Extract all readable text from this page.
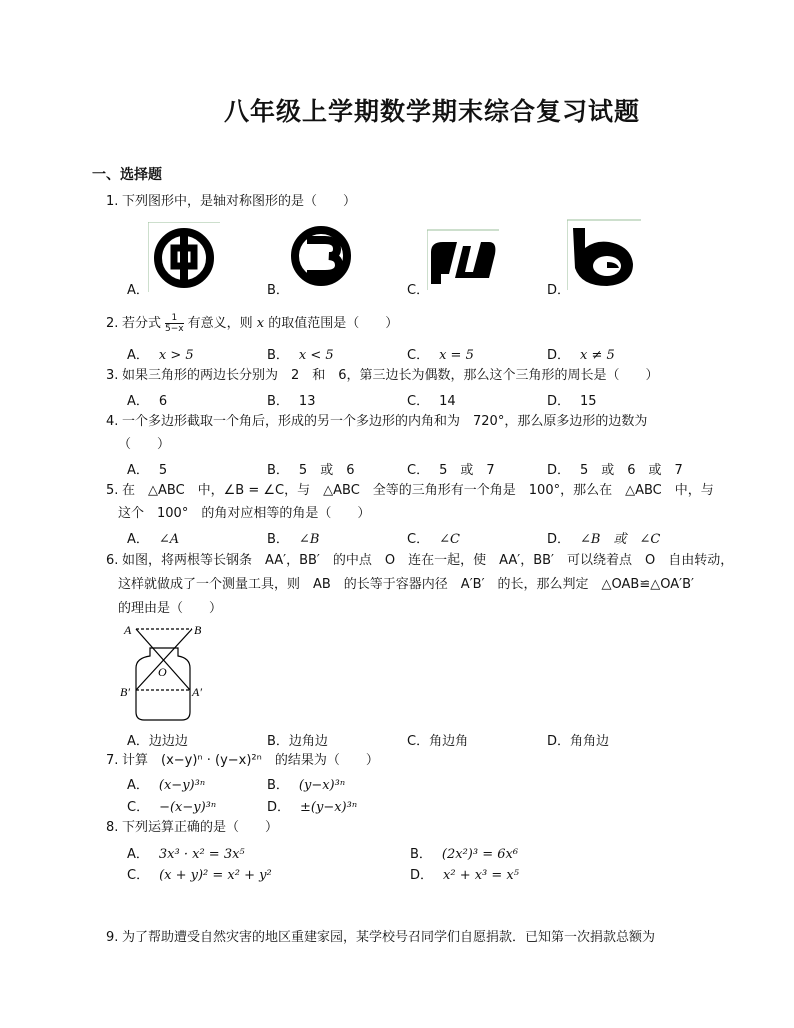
八年级上学期数学期末综合复习试题
一、选择题
1. 下列图形中，是轴对称图形的是（　　）
A．	B．	C．	D．
2. 若分式 $\frac{1}{5-x}$ 有意义，则 x 的取值范围是（　　）
A． x > 5	B． x < 5	C． x = 5	D． x ≠ 5
3. 如果三角形的两边长分别为　2　和　6，第三边长为偶数，那么这个三角形的周长是（　　）
A． 6	B． 13	C． 14	D． 15
4. 一个多边形截取一个角后，形成的另一个多边形的内角和为　720°，那么原多边形的边数为
（　　）
A． 5	B． 5　或　6	C． 5　或　7	D． 5　或　6　或　7
5. 在　△ABC　中，∠B = ∠C，与　△ABC　全等的三角形有一个角是　100°，那么在　△ABC　中，与
这个　100°　的角对应相等的角是（　　）
A． ∠A	B． ∠B	C． ∠C	D． ∠B　或　∠C
6. 如图，将两根等长钢条　AA′，BB′　的中点　O　连在一起，使　AA′，BB′　可以绕着点　O　自由转动，
这样就做成了一个测量工具，则　AB　的长等于容器内径　A′B′　的长，那么判定　△OAB≌△OA′B′
的理由是（　　）
A	B
O
B′	A′
A．边边边	B．边角边	C．角边角	D．角角边
7. 计算　(x−y)ⁿ · (y−x)²ⁿ　的结果为（　　）
A． (x−y)³ⁿ	B． (y−x)³ⁿ
C． −(x−y)³ⁿ	D． ±(y−x)³ⁿ
8. 下列运算正确的是（　　）
A． 3x³ · x² = 3x⁵	B． (2x²)³ = 6x⁶
C． (x + y)² = x² + y²	D． x² + x³ = x⁵
9. 为了帮助遭受自然灾害的地区重建家园，某学校号召同学们自愿捐款．已知第一次捐款总额为
